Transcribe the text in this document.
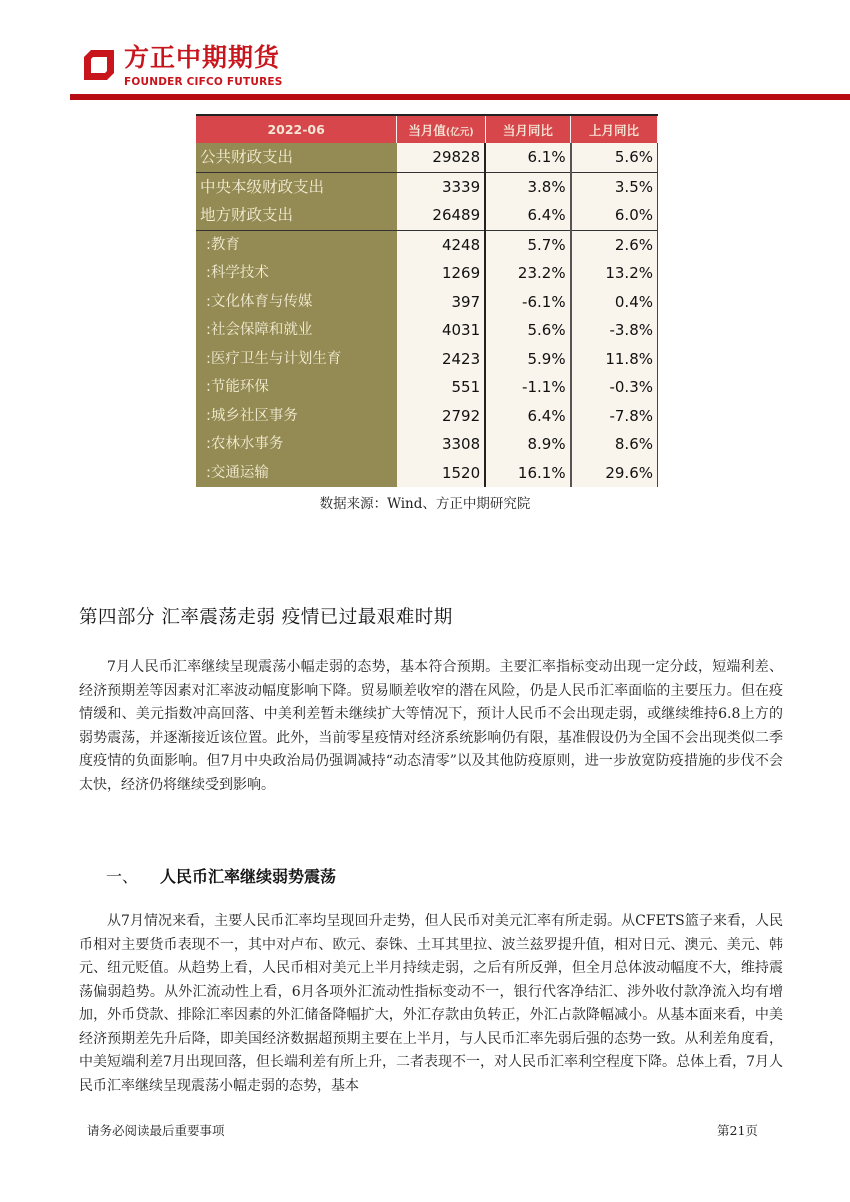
方正中期期货
FOUNDER CIFCO FUTURES
2022-06	当月值(亿元)	当月同比	上月同比
公共财政支出	29828	6.1%	5.6%
中央本级财政支出	3339	3.8%	3.5%
地方财政支出	26489	6.4%	6.0%
:教育	4248	5.7%	2.6%
:科学技术	1269	23.2%	13.2%
:文化体育与传媒	397	-6.1%	0.4%
:社会保障和就业	4031	5.6%	-3.8%
:医疗卫生与计划生育	2423	5.9%	11.8%
:节能环保	551	-1.1%	-0.3%
:城乡社区事务	2792	6.4%	-7.8%
:农林水事务	3308	8.9%	8.6%
:交通运输	1520	16.1%	29.6%
数据来源：Wind、方正中期研究院
第四部分 汇率震荡走弱 疫情已过最艰难时期

7月人民币汇率继续呈现震荡小幅走弱的态势，基本符合预期。主要汇率指标变动出现一定分歧，短端利差、经济预期差等因素对汇率波动幅度影响下降。贸易顺差收窄的潜在风险，仍是人民币汇率面临的主要压力。但在疫情缓和、美元指数冲高回落、中美利差暂未继续扩大等情况下，预计人民币不会出现走弱，或继续维持6.8上方的弱势震荡，并逐渐接近该位置。此外，当前零星疫情对经济系统影响仍有限，基准假设仍为全国不会出现类似二季度疫情的负面影响。但7月中央政治局仍强调减持“动态清零”以及其他防疫原则，进一步放宽防疫措施的步伐不会太快，经济仍将继续受到影响。

一、 人民币汇率继续弱势震荡

从7月情况来看，主要人民币汇率均呈现回升走势，但人民币对美元汇率有所走弱。从CFETS篮子来看，人民币相对主要货币表现不一，其中对卢布、欧元、泰铢、土耳其里拉、波兰兹罗提升值，相对日元、澳元、美元、韩元、纽元贬值。从趋势上看，人民币相对美元上半月持续走弱，之后有所反弹，但全月总体波动幅度不大，维持震荡偏弱趋势。从外汇流动性上看，6月各项外汇流动性指标变动不一，银行代客净结汇、涉外收付款净流入均有增加，外币贷款、排除汇率因素的外汇储备降幅扩大，外汇存款由负转正，外汇占款降幅减小。从基本面来看，中美经济预期差先升后降，即美国经济数据超预期主要在上半月，与人民币汇率先弱后强的态势一致。从利差角度看，中美短端利差7月出现回落，但长端利差有所上升，二者表现不一，对人民币汇率利空程度下降。总体上看，7月人民币汇率继续呈现震荡小幅走弱的态势，基本

请务必阅读最后重要事项	第21页
